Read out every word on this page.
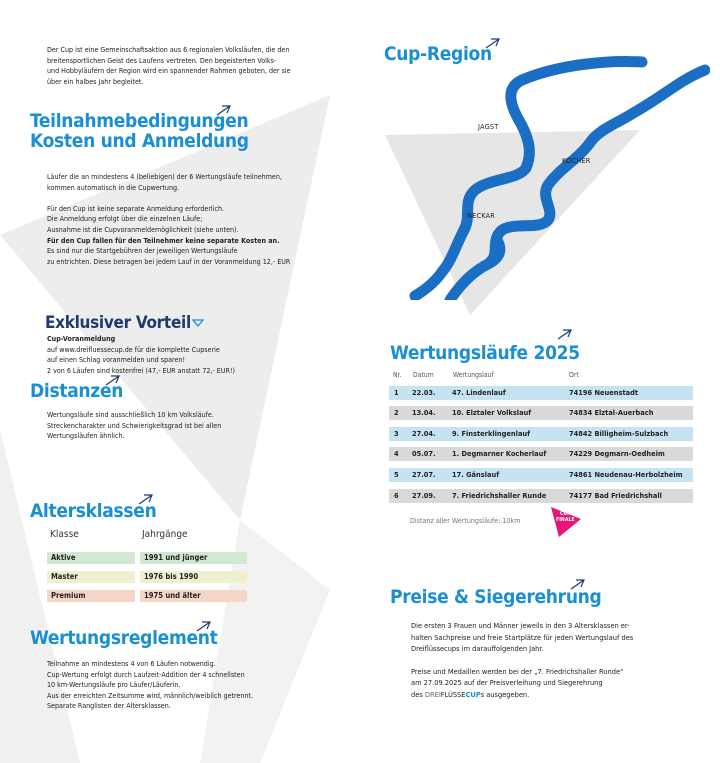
Der Cup ist eine Gemeinschaftsaktion aus 6 regionalen Volksläufen, die den

breitensportlichen Geist des Laufens vertreten. Den begeisterten Volks-

und Hobbyläufern der Region wird ein spannender Rahmen geboten, der sie

über ein halbes Jahr begleitet.

Teilnahmebedingungen
Kosten und Anmeldung

Läufer die an mindestens 4 (beliebigen) der 6 Wertungsläufe teilnehmen,

kommen automatisch in die Cupwertung.

Für den Cup ist keine separate Anmeldung erforderlich.

Die Anmeldung erfolgt über die einzelnen Läufe;

Ausnahme ist die Cupvoranmeldemöglichkeit (siehe unten).

Für den Cup fallen für den Teilnehmer keine separate Kosten an.

Es sind nur die Startgebühren der jeweiligen Wertungsläufe

zu entrichten. Diese betragen bei jedem Lauf in der Voranmeldung 12,- EUR

Exklusiver Vorteil

Cup-Voranmeldung

auf www.dreifluessecup.de für die komplette Cupserie

auf einen Schlag voranmelden und sparen!

2 von 6 Läufen sind kostenfrei (47,- EUR anstatt 72,- EUR!)

Distanzen

Wertungsläufe sind ausschließlich 10 km Volksläufe.

Streckencharakter und Schwierigkeitsgrad ist bei allen

Wertungsläufen ähnlich.

Altersklassen
Klasse	Jahrgänge
Aktive	1991 und jünger
Master	1976 bis 1990
Premium	1975 und älter
Wertungsreglement

Teilnahme an mindestens 4 von 6 Läufen notwendig.

Cup-Wertung erfolgt durch Laufzeit-Addition der 4 schnellsten

10 km-Wertungsläufe pro Läufer/Läuferin.

Aus der erreichten Zeitsumme wird, männlich/weiblich getrennt.

Separate Ranglisten der Altersklassen.

Cup-Region
JAGST
KOCHER
NECKAR
Wertungsläufe 2025
Nr. Datum	Wertungslauf	Ort
1 22.03. 47. Lindenlauf	74196 Neuenstadt
2 13.04. 10. Elztaler Volkslauf	74834 Elztal-Auerbach
3 27.04. 9. Finsterklingenlauf	74842 Billigheim-Sulzbach
4 05.07. 1. Degmarner Kocherlauf	74229 Degmarn-Oedheim
5 27.07. 17. Gänslauf	74861 Neudenau-Herbolzheim
6 27.09. 7. Friedrichshaller Runde	74177 Bad Friedrichshall
Distanz aller Wertungsläufe: 10km
CUP
FINALE
Preise & Siegerehrung

Die ersten 3 Frauen und Männer jeweils in den 3 Altersklassen er-

halten Sachpreise und freie Startplätze für jeden Wertungslauf des

Dreiflüssecups im darauffolgenden Jahr.

Preise und Medaillen werden bei der „7. Friedrichshaller Runde“

am 27.09.2025 auf der Preisverleihung und Siegerehrung

des DREIFLÜSSECUPs ausgegeben.
